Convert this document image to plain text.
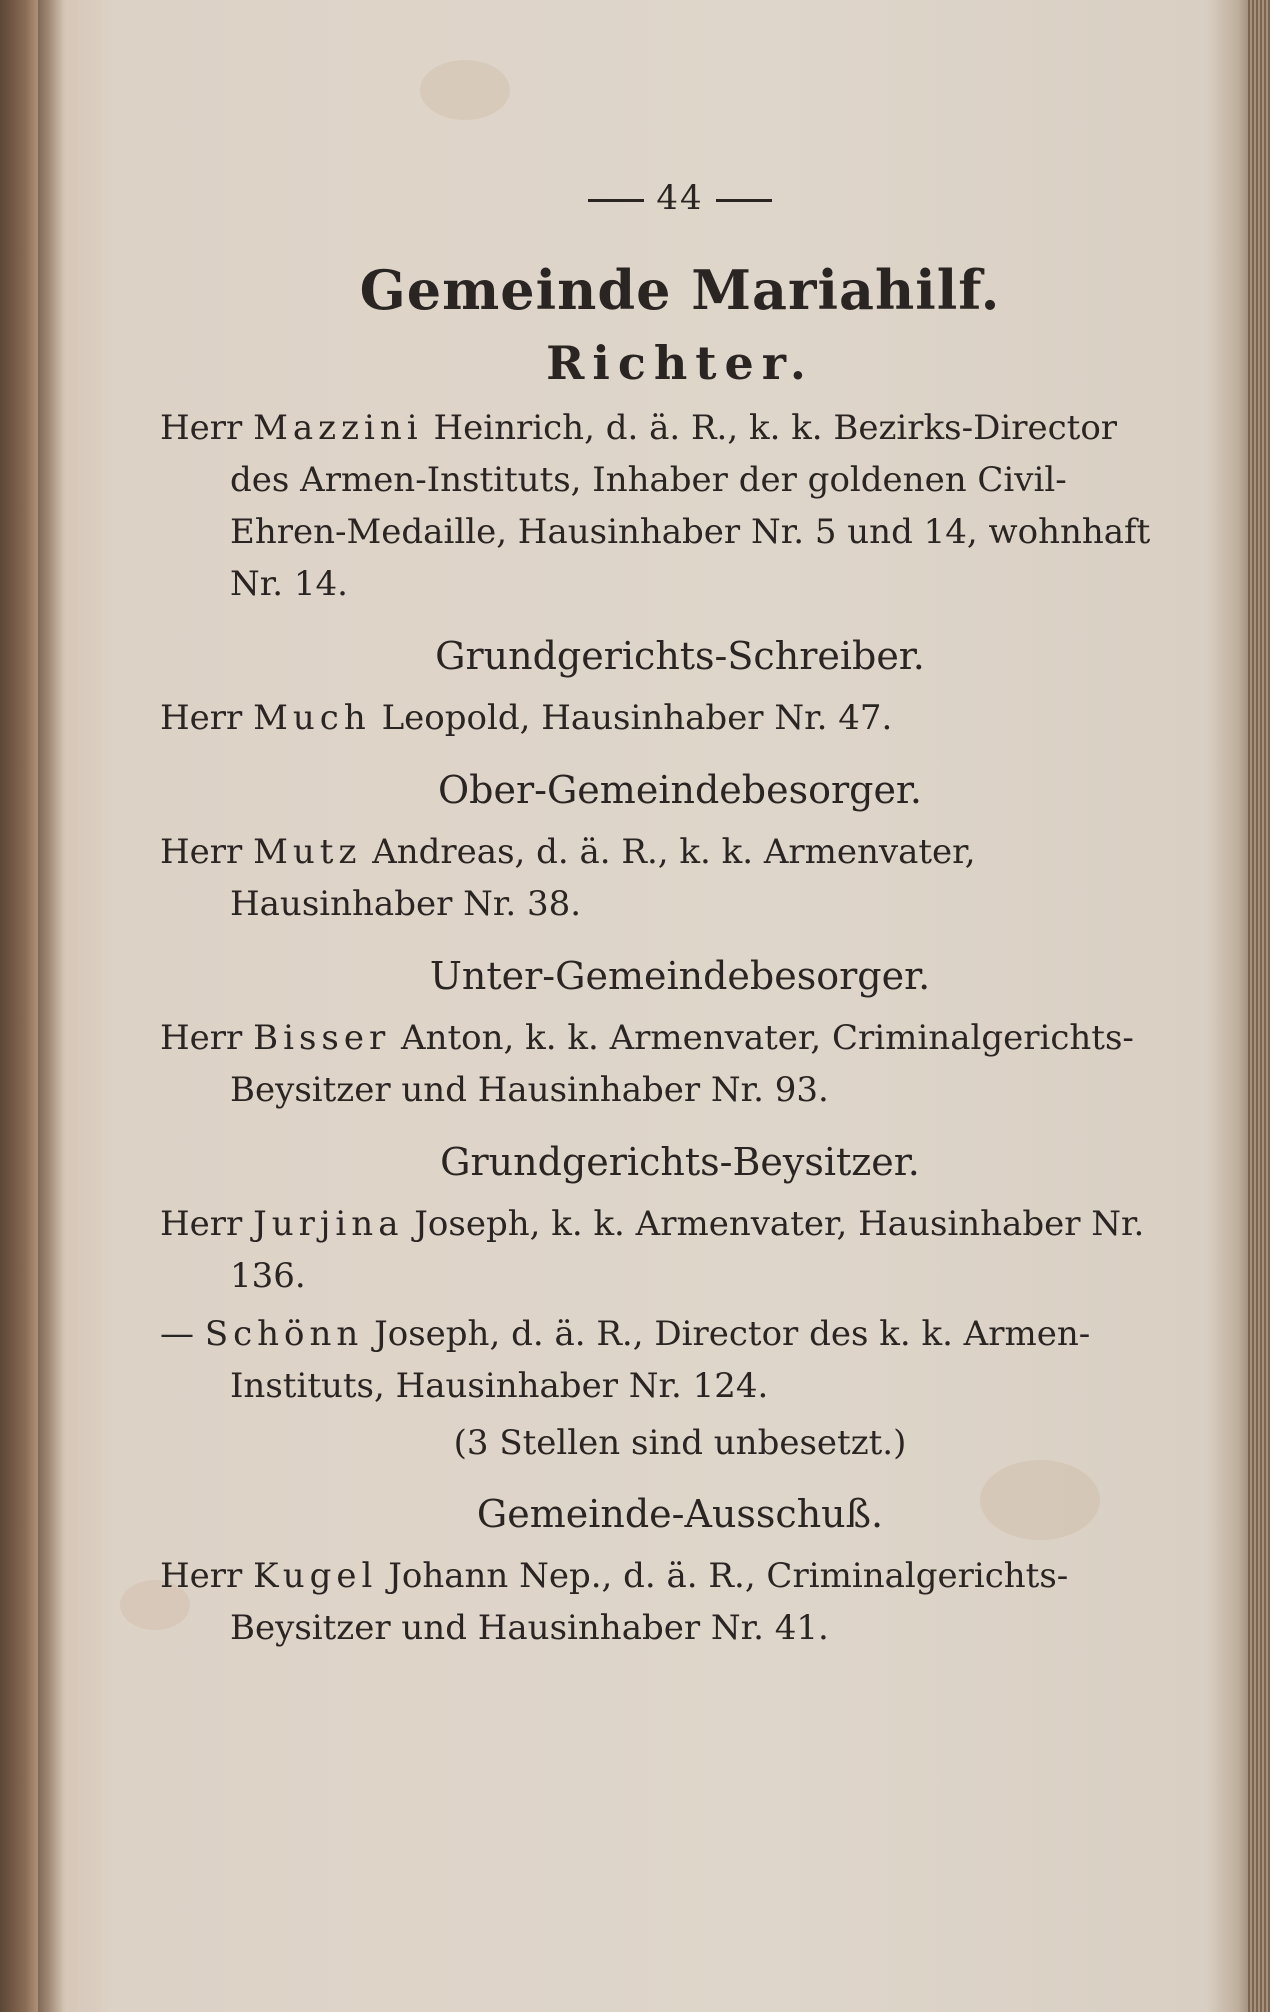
44
Gemeinde Mariahilf.
Richter.
Herr Mazzini Heinrich, d. ä. R., k. k. Bezirks-Director des Armen-Instituts, Inhaber der goldenen Civil-Ehren-Medaille, Hausinhaber Nr. 5 und 14, wohnhaft Nr. 14.
Grundgerichts-Schreiber.
Herr Much Leopold, Hausinhaber Nr. 47.
Ober-Gemeindebesorger.
Herr Mutz Andreas, d. ä. R., k. k. Armenvater, Hausinhaber Nr. 38.
Unter-Gemeindebesorger.
Herr Bisser Anton, k. k. Armenvater, Criminalgerichts-Beysitzer und Hausinhaber Nr. 93.
Grundgerichts-Beysitzer.
Herr Jurjina Joseph, k. k. Armenvater, Hausinhaber Nr. 136.
— Schönn Joseph, d. ä. R., Director des k. k. Armen-Instituts, Hausinhaber Nr. 124.
(3 Stellen sind unbesetzt.)
Gemeinde-Ausschuß.
Herr Kugel Johann Nep., d. ä. R., Criminalgerichts-Beysitzer und Hausinhaber Nr. 41.
